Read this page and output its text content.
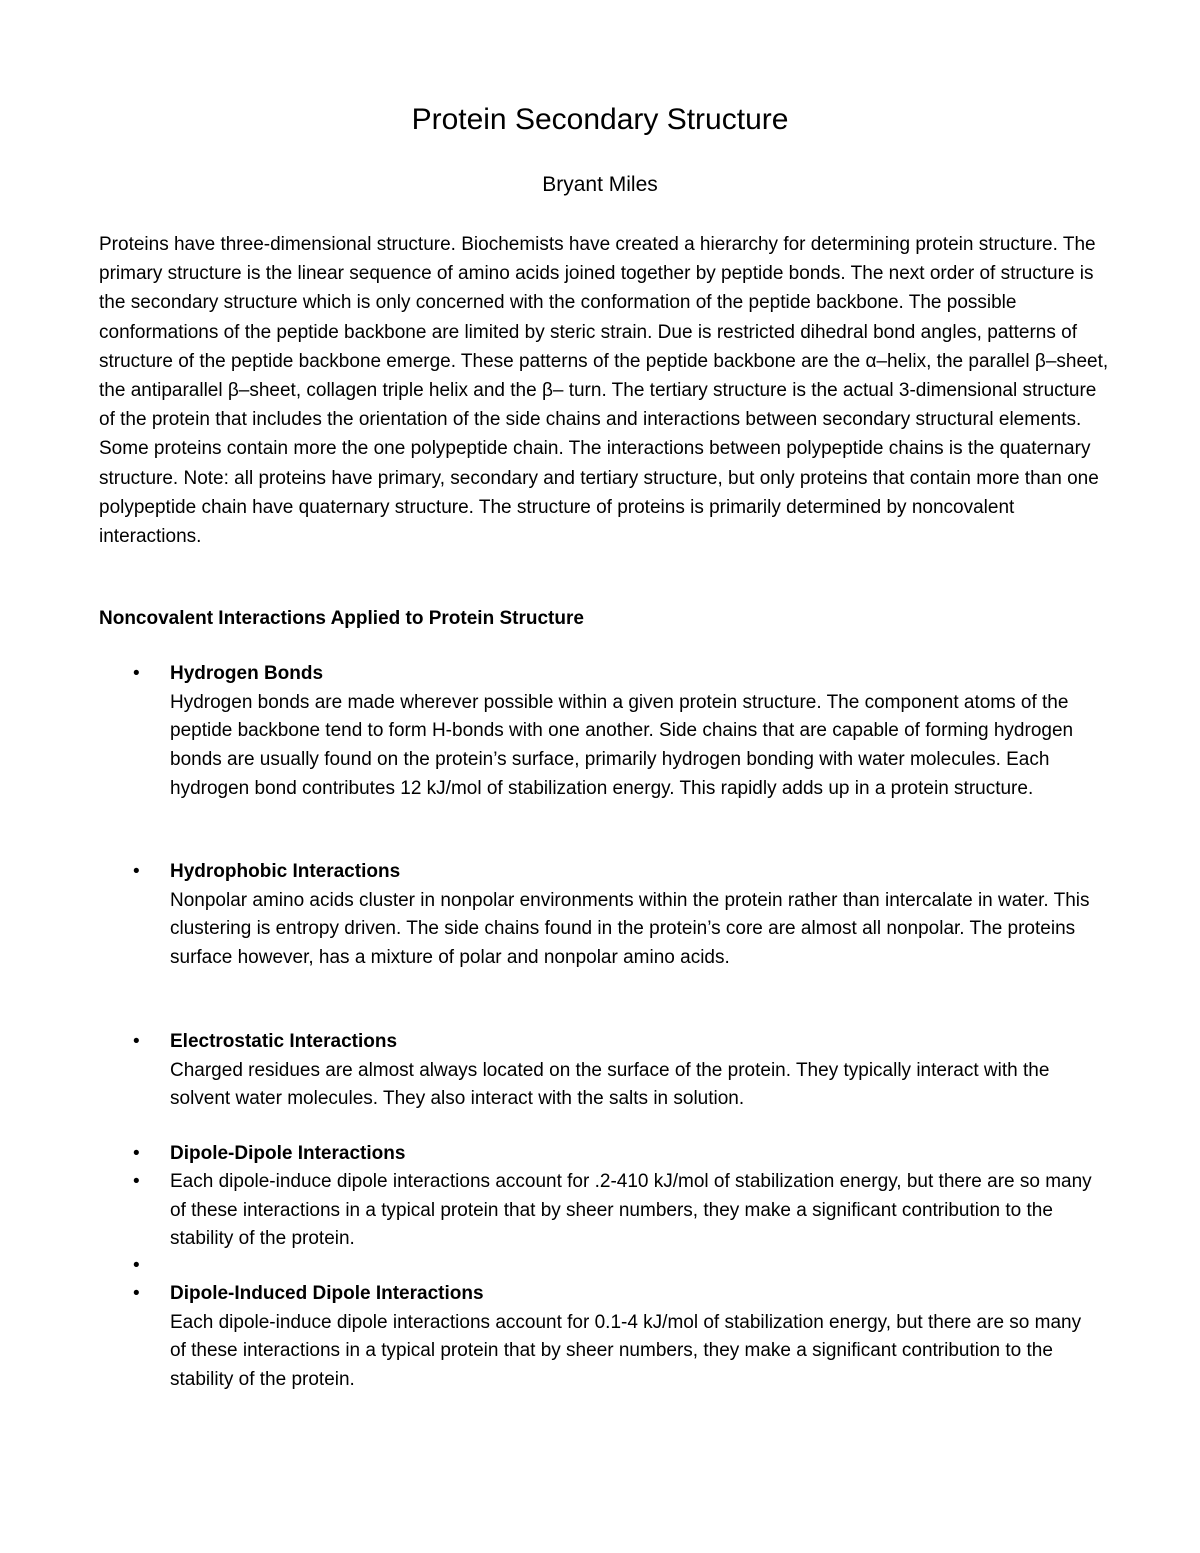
Protein Secondary Structure

Bryant Miles

Proteins have three-dimensional structure. Biochemists have created a hierarchy for determining protein structure. The primary structure is the linear sequence of amino acids joined together by peptide bonds. The next order of structure is the secondary structure which is only concerned with the conformation of the peptide backbone. The possible conformations of the peptide backbone are limited by steric strain. Due is restricted dihedral bond angles, patterns of structure of the peptide backbone emerge. These patterns of the peptide backbone are the α–helix, the parallel β–sheet, the antiparallel β–sheet, collagen triple helix and the β– turn. The tertiary structure is the actual 3-dimensional structure of the protein that includes the orientation of the side chains and interactions between secondary structural elements. Some proteins contain more the one polypeptide chain. The interactions between polypeptide chains is the quaternary structure. Note: all proteins have primary, secondary and tertiary structure, but only proteins that contain more than one polypeptide chain have quaternary structure. The structure of proteins is primarily determined by noncovalent interactions.

Noncovalent Interactions Applied to Protein Structure
• Hydrogen Bonds
Hydrogen bonds are made wherever possible within a given protein structure. The component atoms of the peptide backbone tend to form H-bonds with one another. Side chains that are capable of forming hydrogen bonds are usually found on the protein’s surface, primarily hydrogen bonding with water molecules. Each hydrogen bond contributes 12 kJ/mol of stabilization energy. This rapidly adds up in a protein structure.
• Hydrophobic Interactions
Nonpolar amino acids cluster in nonpolar environments within the protein rather than intercalate in water. This clustering is entropy driven. The side chains found in the protein’s core are almost all nonpolar. The proteins surface however, has a mixture of polar and nonpolar amino acids.
• Electrostatic Interactions
Charged residues are almost always located on the surface of the protein. They typically interact with the solvent water molecules. They also interact with the salts in solution.
• Dipole-Dipole Interactions
• Each dipole-induce dipole interactions account for .2-410 kJ/mol of stabilization energy, but there are so many of these interactions in a typical protein that by sheer numbers, they make a significant contribution to the stability of the protein.
•
• Dipole-Induced Dipole Interactions
Each dipole-induce dipole interactions account for 0.1-4 kJ/mol of stabilization energy, but there are so many of these interactions in a typical protein that by sheer numbers, they make a significant contribution to the stability of the protein.
